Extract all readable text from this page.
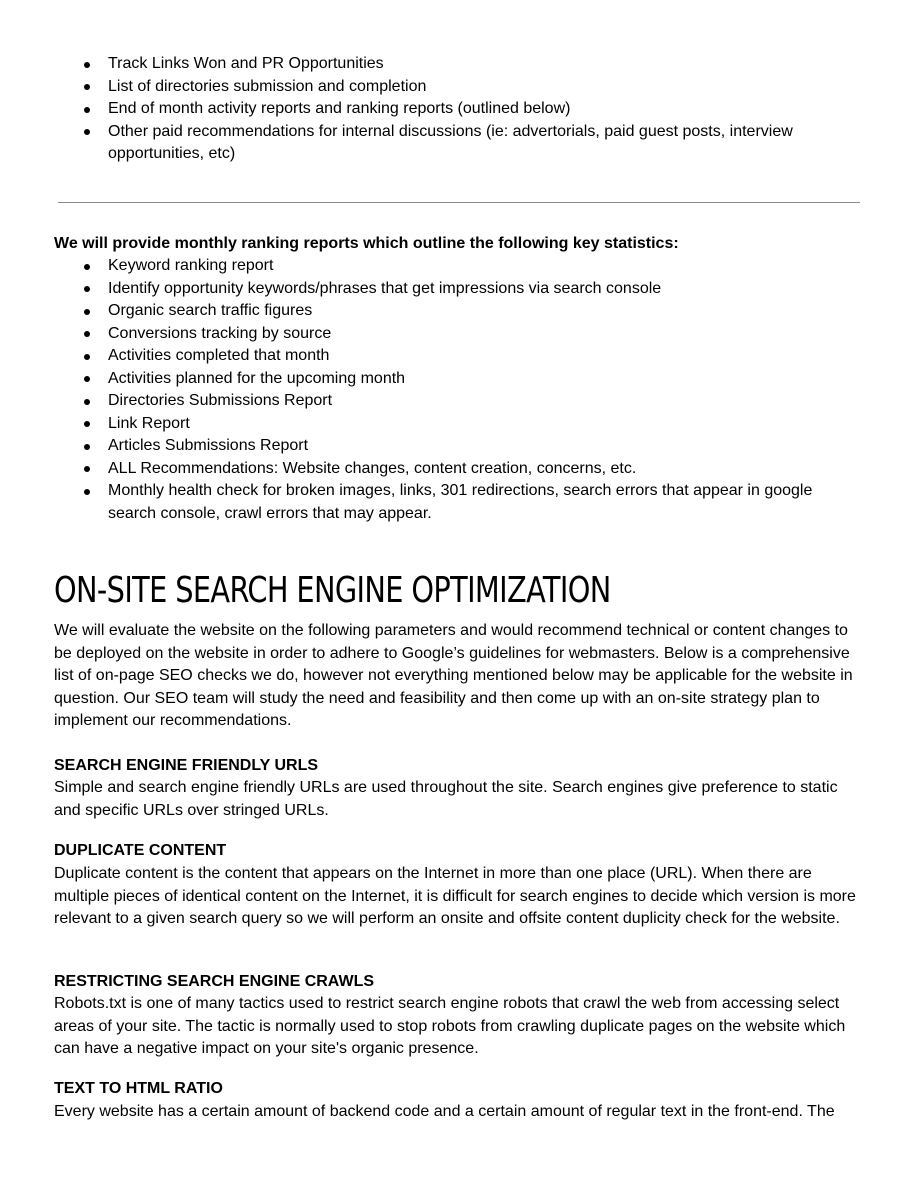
Track Links Won and PR Opportunities
List of directories submission and completion
End of month activity reports and ranking reports (outlined below)
Other paid recommendations for internal discussions (ie: advertorials, paid guest posts, interview opportunities, etc)
We will provide monthly ranking reports which outline the following key statistics:
Keyword ranking report
Identify opportunity keywords/phrases that get impressions via search console
Organic search traffic figures
Conversions tracking by source
Activities completed that month
Activities planned for the upcoming month
Directories Submissions Report
Link Report
Articles Submissions Report
ALL Recommendations: Website changes, content creation, concerns, etc.
Monthly health check for broken images, links, 301 redirections, search errors that appear in google search console, crawl errors that may appear.
ON-SITE SEARCH ENGINE OPTIMIZATION

We will evaluate the website on the following parameters and would recommend technical or content changes to be deployed on the website in order to adhere to Google’s guidelines for webmasters. Below is a comprehensive list of on-page SEO checks we do, however not everything mentioned below may be applicable for the website in question. Our SEO team will study the need and feasibility and then come up with an on-site strategy plan to implement our recommendations.

SEARCH ENGINE FRIENDLY URLS

Simple and search engine friendly URLs are used throughout the site. Search engines give preference to static and specific URLs over stringed URLs.

DUPLICATE CONTENT

Duplicate content is the content that appears on the Internet in more than one place (URL). When there are multiple pieces of identical content on the Internet, it is difficult for search engines to decide which version is more relevant to a given search query so we will perform an onsite and offsite content duplicity check for the website.

RESTRICTING SEARCH ENGINE CRAWLS

Robots.txt is one of many tactics used to restrict search engine robots that crawl the web from accessing select areas of your site. The tactic is normally used to stop robots from crawling duplicate pages on the website which can have a negative impact on your site's organic presence.

TEXT TO HTML RATIO

Every website has a certain amount of backend code and a certain amount of regular text in the front-end. The
